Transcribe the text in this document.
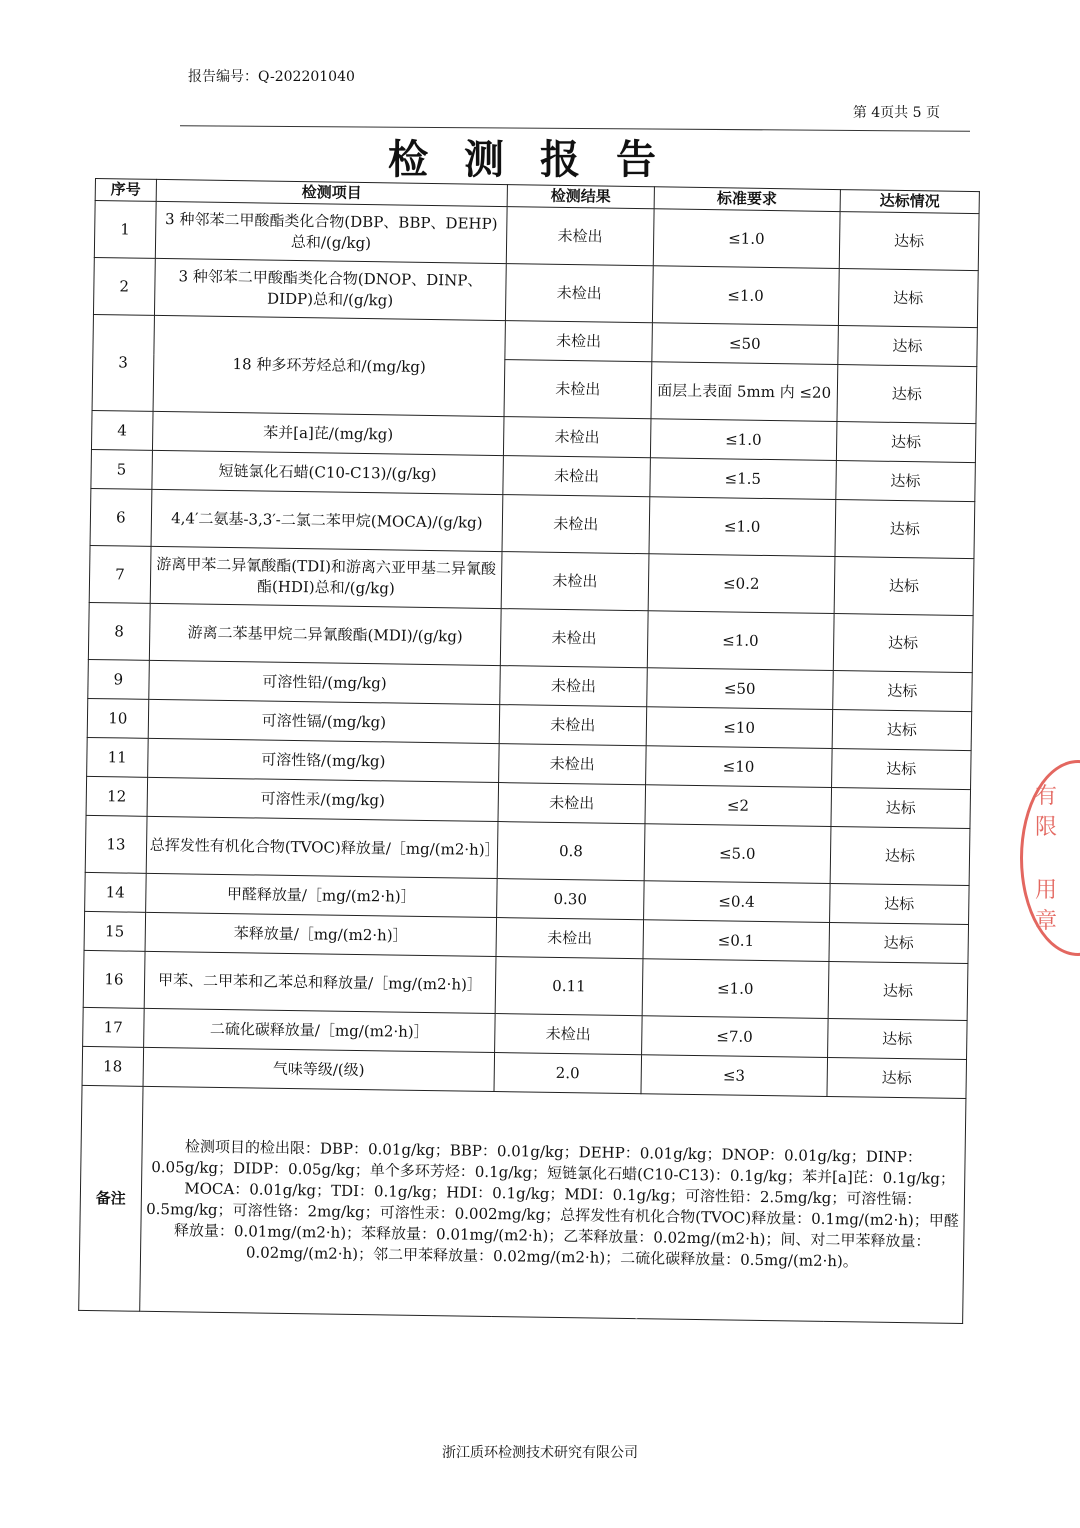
报告编号：Q-202201040
第 4页共 5 页
检测报告
序号	检测项目	检测结果	标准要求	达标情况
1	3 种邻苯二甲酸酯类化合物(DBP、BBP、DEHP)总和/(g/kg)	未检出	≤1.0	达标
2	3 种邻苯二甲酸酯类化合物(DNOP、DINP、DIDP)总和/(g/kg)	未检出	≤1.0	达标
3	18 种多环芳烃总和/(mg/kg)	未检出	≤50	达标
		未检出	面层上表面 5mm 内 ≤20	达标
4	苯并[a]芘/(mg/kg)	未检出	≤1.0	达标
5	短链氯化石蜡(C10-C13)/(g/kg)	未检出	≤1.5	达标
6	4,4′二氨基-3,3′-二氯二苯甲烷(MOCA)/(g/kg)	未检出	≤1.0	达标
7	游离甲苯二异氰酸酯(TDI)和游离六亚甲基二异氰酸酯(HDI)总和/(g/kg)	未检出	≤0.2	达标
8	游离二苯基甲烷二异氰酸酯(MDI)/(g/kg)	未检出	≤1.0	达标
9	可溶性铅/(mg/kg)	未检出	≤50	达标
10	可溶性镉/(mg/kg)	未检出	≤10	达标
11	可溶性铬/(mg/kg)	未检出	≤10	达标
12	可溶性汞/(mg/kg)	未检出	≤2	达标
13	总挥发性有机化合物(TVOC)释放量/［mg/(m2·h)］	0.8	≤5.0	达标
14	甲醛释放量/［mg/(m2·h)］	0.30	≤0.4	达标
15	苯释放量/［mg/(m2·h)］	未检出	≤0.1	达标
16	甲苯、二甲苯和乙苯总和释放量/［mg/(m2·h)］	0.11	≤1.0	达标
17	二硫化碳释放量/［mg/(m2·h)］	未检出	≤7.0	达标
18	气味等级/(级)	2.0	≤3	达标
备注	检测项目的检出限：DBP：0.01g/kg；BBP：0.01g/kg；DEHP：0.01g/kg；DNOP：0.01g/kg；DINP：0.05g/kg；DIDP：0.05g/kg；单个多环芳烃：0.1g/kg；短链氯化石蜡(C10-C13)：0.1g/kg；苯并[a]芘：0.1g/kg；MOCA：0.01g/kg；TDI：0.1g/kg；HDI：0.1g/kg；MDI：0.1g/kg；可溶性铅：2.5mg/kg；可溶性镉：0.5mg/kg；可溶性铬：2mg/kg；可溶性汞：0.002mg/kg；总挥发性有机化合物(TVOC)释放量：0.1mg/(m2·h)；甲醛释放量：0.01mg/(m2·h)；苯释放量：0.01mg/(m2·h)；乙苯释放量：0.02mg/(m2·h)；间、对二甲苯释放量：0.02mg/(m2·h)；邻二甲苯释放量：0.02mg/(m2·h)；二硫化碳释放量：0.5mg/(m2·h)。			
有限
用章
浙江质环检测技术研究有限公司
